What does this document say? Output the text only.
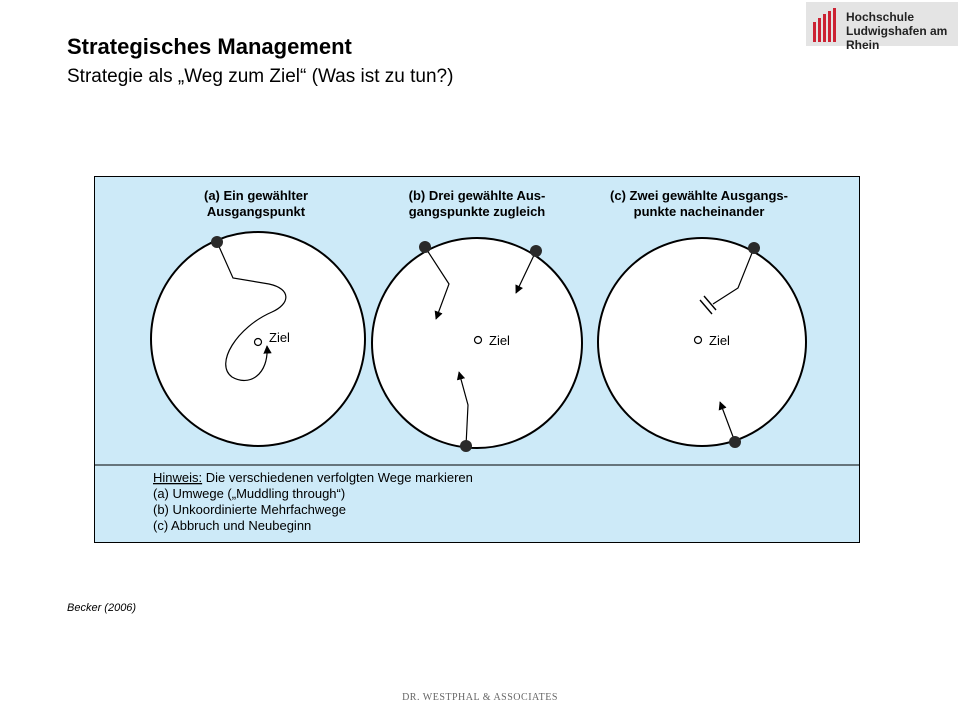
Strategisches Management
Strategie als „Weg zum Ziel“ (Was ist zu tun?)
Hochschule
Ludwigshafen am Rhein
(a) Ein gewählter
Ausgangspunkt
Ziel
(b) Drei gewählte Aus-
gangspunkte zugleich
Ziel
(c) Zwei gewählte Ausgangs-
punkte nacheinander
Ziel
Hinweis: Die verschiedenen verfolgten Wege markieren
(a) Umwege („Muddling through“)
(b) Unkoordinierte Mehrfachwege
(c) Abbruch und Neubeginn
Becker (2006)
DR. WESTPHAL & ASSOCIATES
